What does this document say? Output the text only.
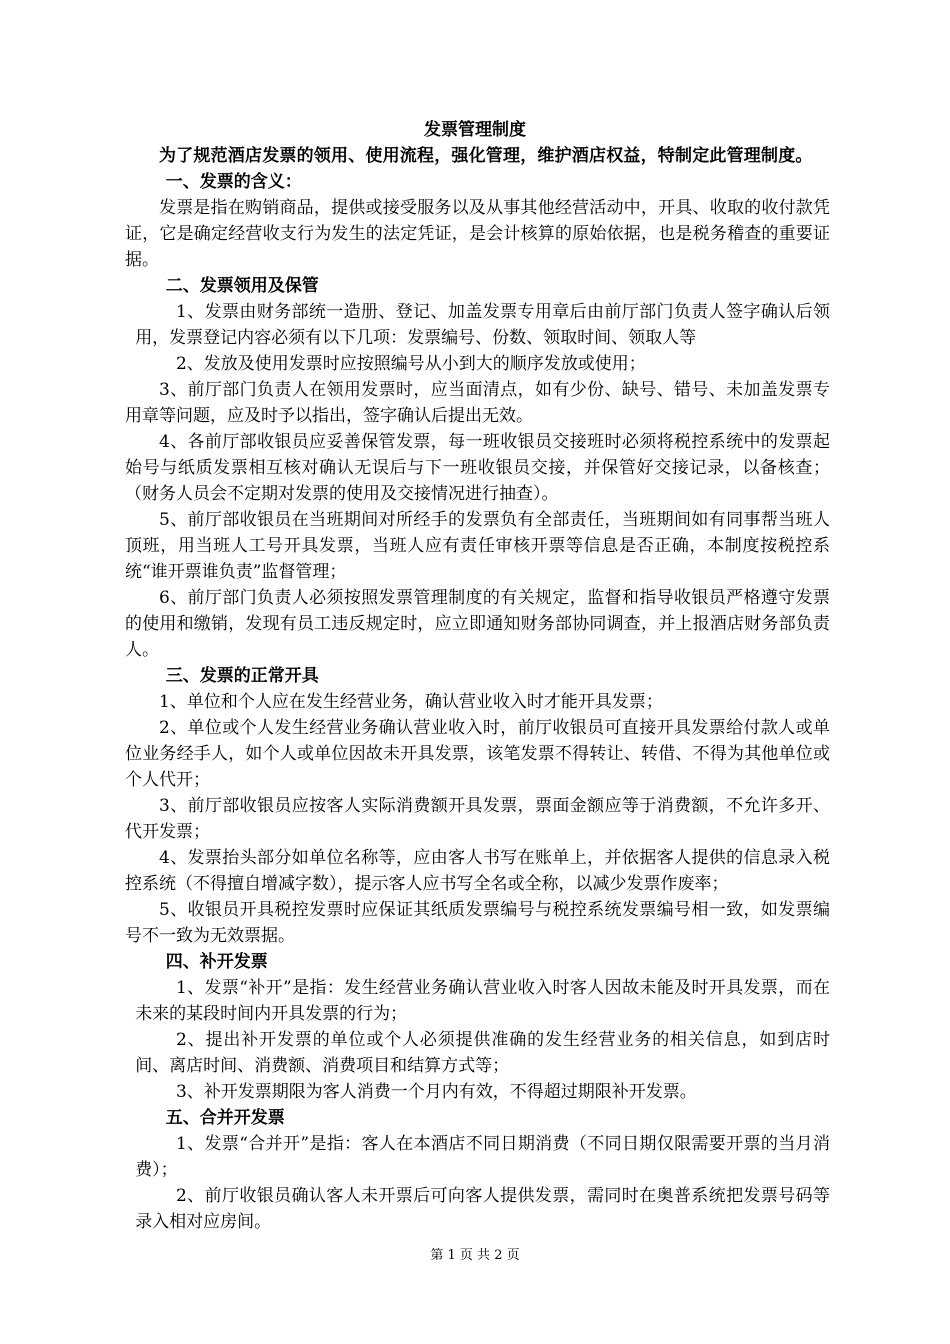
发票管理制度

为了规范酒店发票的领用、使用流程，强化管理，维护酒店权益，特制定此管理制度。

一、发票的含义：

发票是指在购销商品，提供或接受服务以及从事其他经营活动中，开具、收取的收付款凭证，它是确定经营收支行为发生的法定凭证，是会计核算的原始依据，也是税务稽查的重要证据。

二、发票领用及保管

1、发票由财务部统一造册、登记、加盖发票专用章后由前厅部门负责人签字确认后领用，发票登记内容必须有以下几项：发票编号、份数、领取时间、领取人等

2、发放及使用发票时应按照编号从小到大的顺序发放或使用；

3、前厅部门负责人在领用发票时，应当面清点，如有少份、缺号、错号、未加盖发票专用章等问题，应及时予以指出，签字确认后提出无效。

4、各前厅部收银员应妥善保管发票，每一班收银员交接班时必须将税控系统中的发票起始号与纸质发票相互核对确认无误后与下一班收银员交接，并保管好交接记录，以备核查；（财务人员会不定期对发票的使用及交接情况进行抽查）。

5、前厅部收银员在当班期间对所经手的发票负有全部责任，当班期间如有同事帮当班人顶班，用当班人工号开具发票，当班人应有责任审核开票等信息是否正确，本制度按税控系统“谁开票谁负责”监督管理；

6、前厅部门负责人必须按照发票管理制度的有关规定，监督和指导收银员严格遵守发票的使用和缴销，发现有员工违反规定时，应立即通知财务部协同调查，并上报酒店财务部负责人。

三、发票的正常开具

1、单位和个人应在发生经营业务，确认营业收入时才能开具发票；

2、单位或个人发生经营业务确认营业收入时，前厅收银员可直接开具发票给付款人或单位业务经手人，如个人或单位因故未开具发票，该笔发票不得转让、转借、不得为其他单位或个人代开；

3、前厅部收银员应按客人实际消费额开具发票，票面金额应等于消费额，不允许多开、代开发票；

4、发票抬头部分如单位名称等，应由客人书写在账单上，并依据客人提供的信息录入税控系统（不得擅自增减字数），提示客人应书写全名或全称，以减少发票作废率；

5、收银员开具税控发票时应保证其纸质发票编号与税控系统发票编号相一致，如发票编号不一致为无效票据。

四、补开发票

1、发票“补开”是指：发生经营业务确认营业收入时客人因故未能及时开具发票，而在未来的某段时间内开具发票的行为；

2、提出补开发票的单位或个人必须提供准确的发生经营业务的相关信息，如到店时间、离店时间、消费额、消费项目和结算方式等；

3、补开发票期限为客人消费一个月内有效，不得超过期限补开发票。

五、合并开发票

1、发票“合并开”是指：客人在本酒店不同日期消费（不同日期仅限需要开票的当月消费）；

2、前厅收银员确认客人未开票后可向客人提供发票，需同时在奥普系统把发票号码等录入相对应房间。

第 1 页 共 2 页
